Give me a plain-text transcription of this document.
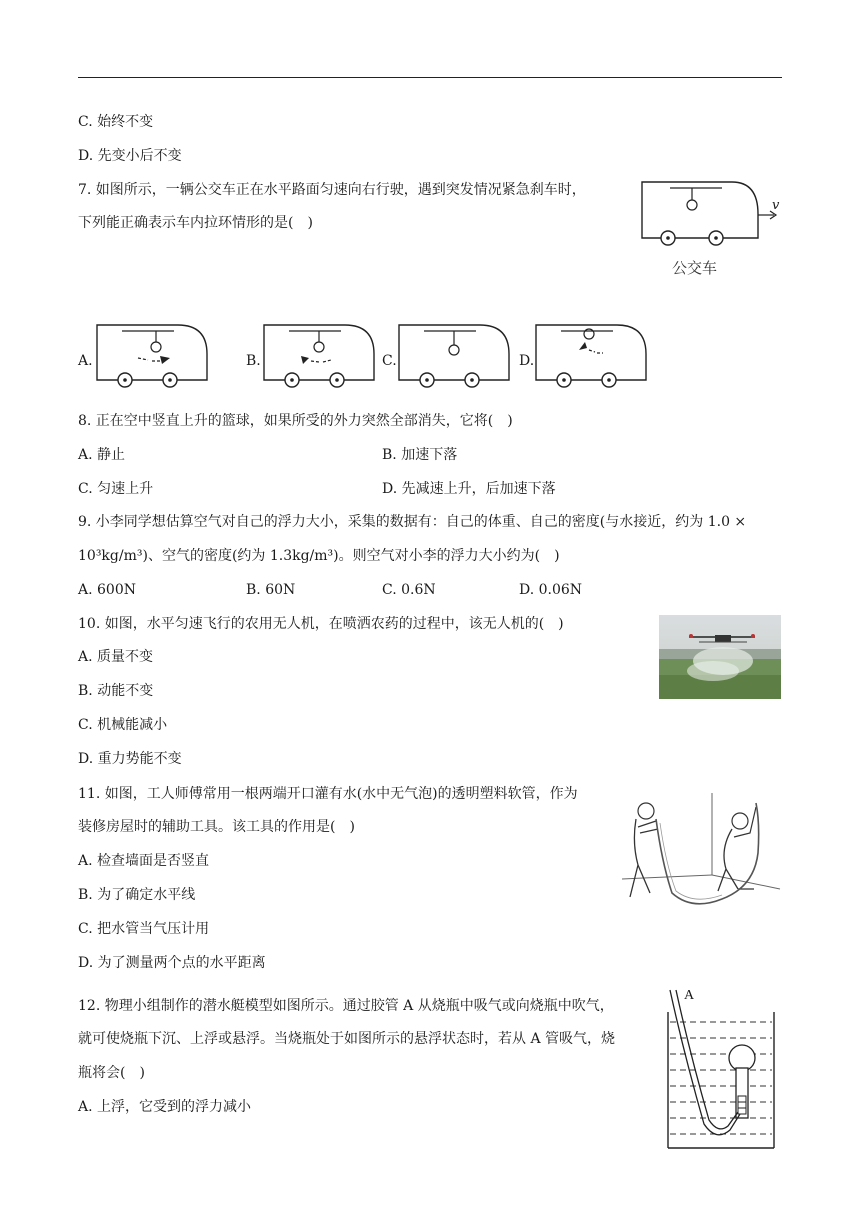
C. 始终不变
D. 先变小后不变
7. 如图所示，一辆公交车正在水平路面匀速向右行驶，遇到突发情况紧急刹车时，
下列能正确表示车内拉环情形的是(　)
v
公交车
A.	B.	C.	D.
8. 正在空中竖直上升的篮球，如果所受的外力突然全部消失，它将(　)
A. 静止	B. 加速下落
C. 匀速上升	D. 先减速上升，后加速下落
9. 小李同学想估算空气对自己的浮力大小，采集的数据有：自己的体重、自己的密度(与水接近，约为 1.0 ×
10³kg/m³)、空气的密度(约为 1.3kg/m³)。则空气对小李的浮力大小约为(　)
A. 600N	B. 60N	C. 0.6N	D. 0.06N
10. 如图，水平匀速飞行的农用无人机，在喷洒农药的过程中，该无人机的(　)
A. 质量不变
B. 动能不变
C. 机械能减小
D. 重力势能不变
11. 如图，工人师傅常用一根两端开口灌有水(水中无气泡)的透明塑料软管，作为
装修房屋时的辅助工具。该工具的作用是(　)
A. 检查墙面是否竖直
B. 为了确定水平线
C. 把水管当气压计用
D. 为了测量两个点的水平距离
12. 物理小组制作的潜水艇模型如图所示。通过胶管 A 从烧瓶中吸气或向烧瓶中吹气，
就可使烧瓶下沉、上浮或悬浮。当烧瓶处于如图所示的悬浮状态时，若从 A 管吸气，烧
瓶将会(　)
A. 上浮，它受到的浮力减小
A
